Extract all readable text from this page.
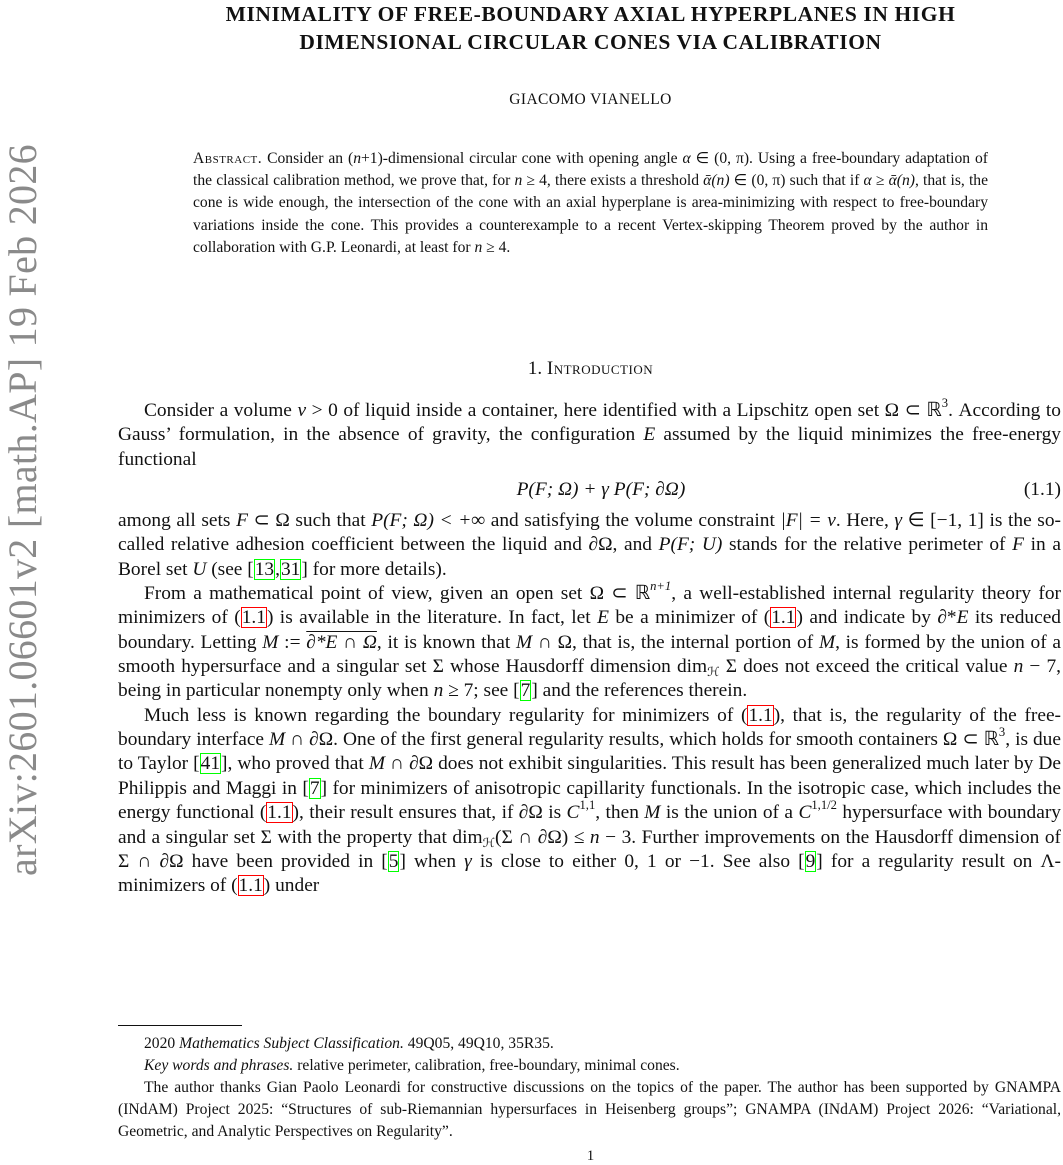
arXiv:2601.06601v2 [math.AP] 19 Feb 2026
MINIMALITY OF FREE-BOUNDARY AXIAL HYPERPLANES IN HIGH
DIMENSIONAL CIRCULAR CONES VIA CALIBRATION
GIACOMO VIANELLO
Abstract. Consider an (n+1)-dimensional circular cone with opening angle α ∈ (0, π). Using a free-boundary adaptation of the classical calibration method, we prove that, for n ≥ 4, there exists a threshold ᾱ(n) ∈ (0, π) such that if α ≥ ᾱ(n), that is, the cone is wide enough, the intersection of the cone with an axial hyperplane is area-minimizing with respect to free-boundary variations inside the cone. This provides a counterexample to a recent Vertex-skipping Theorem proved by the author in collaboration with G.P. Leonardi, at least for n ≥ 4.
1. Introduction

Consider a volume v > 0 of liquid inside a container, here identified with a Lipschitz open set Ω ⊂ ℝ$^3$. According to Gauss’ formulation, in the absence of gravity, the configuration E assumed by the liquid minimizes the free-energy functional

P(F; Ω) + γ P(F; ∂Ω)	(1.1)

among all sets F ⊂ Ω such that P(F; Ω) < +∞ and satisfying the volume constraint |F| = v. Here, γ ∈ [−1, 1] is the so-called relative adhesion coefficient between the liquid and ∂Ω, and P(F; U) stands for the relative perimeter of F in a Borel set U (see [13,31] for more details).

From a mathematical point of view, given an open set Ω ⊂ ℝ$^{n+1}$, a well-established internal regularity theory for minimizers of (1.1) is available in the literature. In fact, let E be a minimizer of (1.1) and indicate by ∂*E its reduced boundary. Letting M := ∂*E ∩ Ω, it is known that M ∩ Ω, that is, the internal portion of M, is formed by the union of a smooth hypersurface and a singular set Σ whose Hausdorff dimension dim$_ℋ$ Σ does not exceed the critical value n − 7, being in particular nonempty only when n ≥ 7; see [7] and the references therein.

Much less is known regarding the boundary regularity for minimizers of (1.1), that is, the regularity of the free-boundary interface M ∩ ∂Ω. One of the first general regularity results, which holds for smooth containers Ω ⊂ ℝ$^3$, is due to Taylor [41], who proved that M ∩ ∂Ω does not exhibit singularities. This result has been generalized much later by De Philippis and Maggi in [7] for minimizers of anisotropic capillarity functionals. In the isotropic case, which includes the energy functional (1.1), their result ensures that, if ∂Ω is C$^{1,1}$, then M is the union of a $C^{1,1/2}$ hypersurface with boundary and a singular set Σ with the property that dim$_ℋ$(Σ ∩ ∂Ω) ≤ n − 3. Further improvements on the Hausdorff dimension of Σ ∩ ∂Ω have been provided in [5] when γ is close to either 0, 1 or −1. See also [9] for a regularity result on Λ-minimizers of (1.1) under

2020 Mathematics Subject Classification. 49Q05, 49Q10, 35R35.

Key words and phrases. relative perimeter, calibration, free-boundary, minimal cones.

The author thanks Gian Paolo Leonardi for constructive discussions on the topics of the paper. The author has been supported by GNAMPA (INdAM) Project 2025: “Structures of sub-Riemannian hypersurfaces in Heisenberg groups”; GNAMPA (INdAM) Project 2026: “Variational, Geometric, and Analytic Perspectives on Regularity”.

1
